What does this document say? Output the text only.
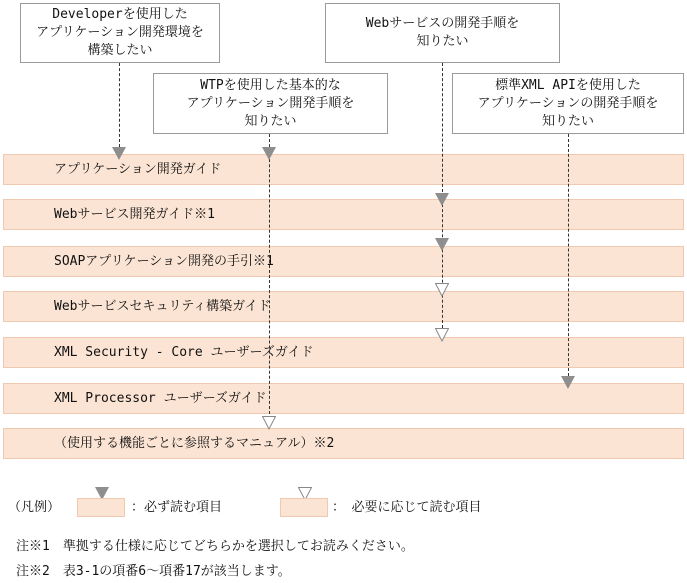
Developerを使用した
アプリケーション開発環境を
構築したい
Webサービスの開発手順を
知りたい
WTPを使用した基本的な
アプリケーション開発手順を
知りたい
標準XML APIを使用した
アプリケーションの開発手順を
知りたい
アプリケーション開発ガイド
Webサービス開発ガイド※1
SOAPアプリケーション開発の手引※1
Webサービスセキュリティ構築ガイド
XML Security - Core ユーザーズガイド
XML Processor ユーザーズガイド
（使用する機能ごとに参照するマニュアル）※2
（凡例）	：必ず読む項目	：　必要に応じて読む項目
注※1　準拠する仕様に応じてどちらかを選択してお読みください。
注※2　表3-1の項番6～項番17が該当します。
